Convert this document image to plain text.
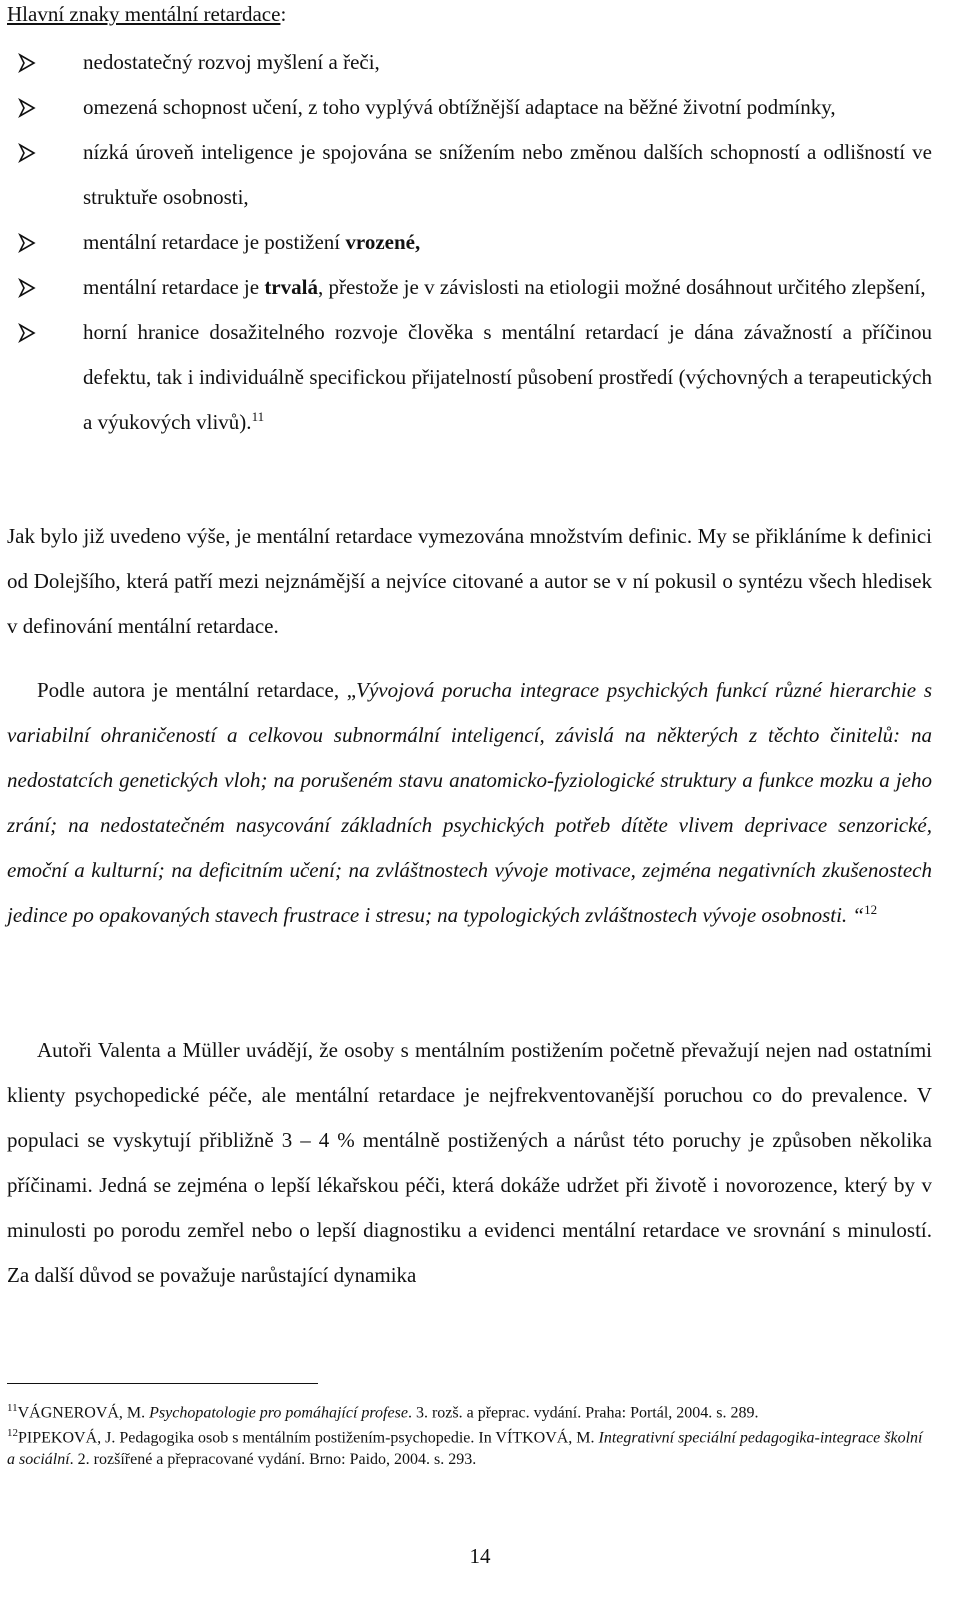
Hlavní znaky mentální retardace:
nedostatečný rozvoj myšlení a řeči,
omezená schopnost učení, z toho vyplývá obtížnější adaptace na běžné životní podmínky,
nízká úroveň inteligence je spojována se snížením nebo změnou dalších schopností a odlišností ve struktuře osobnosti,
mentální retardace je postižení vrozené,
mentální retardace je trvalá, přestože je v závislosti na etiologii možné dosáhnout určitého zlepšení,
horní hranice dosažitelného rozvoje člověka s mentální retardací je dána závažností a příčinou defektu, tak i individuálně specifickou přijatelností působení prostředí (výchovných a terapeutických a výukových vlivů).$^{11}$

Jak bylo již uvedeno výše, je mentální retardace vymezována množstvím definic. My se přikláníme k definici od Dolejšího, která patří mezi nejznámější a nejvíce citované a autor se v ní pokusil o syntézu všech hledisek v definování mentální retardace.

Podle autora je mentální retardace, „Vývojová porucha integrace psychických funkcí různé hierarchie s variabilní ohraničeností a celkovou subnormální inteligencí, závislá na některých z těchto činitelů: na nedostatcích genetických vloh; na porušeném stavu anatomicko-fyziologické struktury a funkce mozku a jeho zrání; na nedostatečném nasycování základních psychických potřeb dítěte vlivem deprivace senzorické, emoční a kulturní; na deficitním učení; na zvláštnostech vývoje motivace, zejména negativních zkušenostech jedince po opakovaných stavech frustrace i stresu; na typologických zvláštnostech vývoje osobnosti. “$^{12}$

Autoři Valenta a Müller uvádějí, že osoby s mentálním postižením početně převažují nejen nad ostatními klienty psychopedické péče, ale mentální retardace je nejfrekventovanější poruchou co do prevalence. V populaci se vyskytují přibližně 3 – 4 % mentálně postižených a nárůst této poruchy je způsoben několika příčinami. Jedná se zejména o lepší lékařskou péči, která dokáže udržet při životě i novorozence, který by v minulosti po porodu zemřel nebo o lepší diagnostiku a evidenci mentální retardace ve srovnání s minulostí. Za další důvod se považuje narůstající dynamika

$^{11}$VÁGNEROVÁ, M. Psychopatologie pro pomáhající profese. 3. rozš. a přeprac. vydání. Praha: Portál, 2004. s. 289.

$^{12}$PIPEKOVÁ, J. Pedagogika osob s mentálním postižením-psychopedie. In VÍTKOVÁ, M. Integrativní speciální pedagogika-integrace školní a sociální. 2. rozšířené a přepracované vydání. Brno: Paido, 2004. s. 293.

14
